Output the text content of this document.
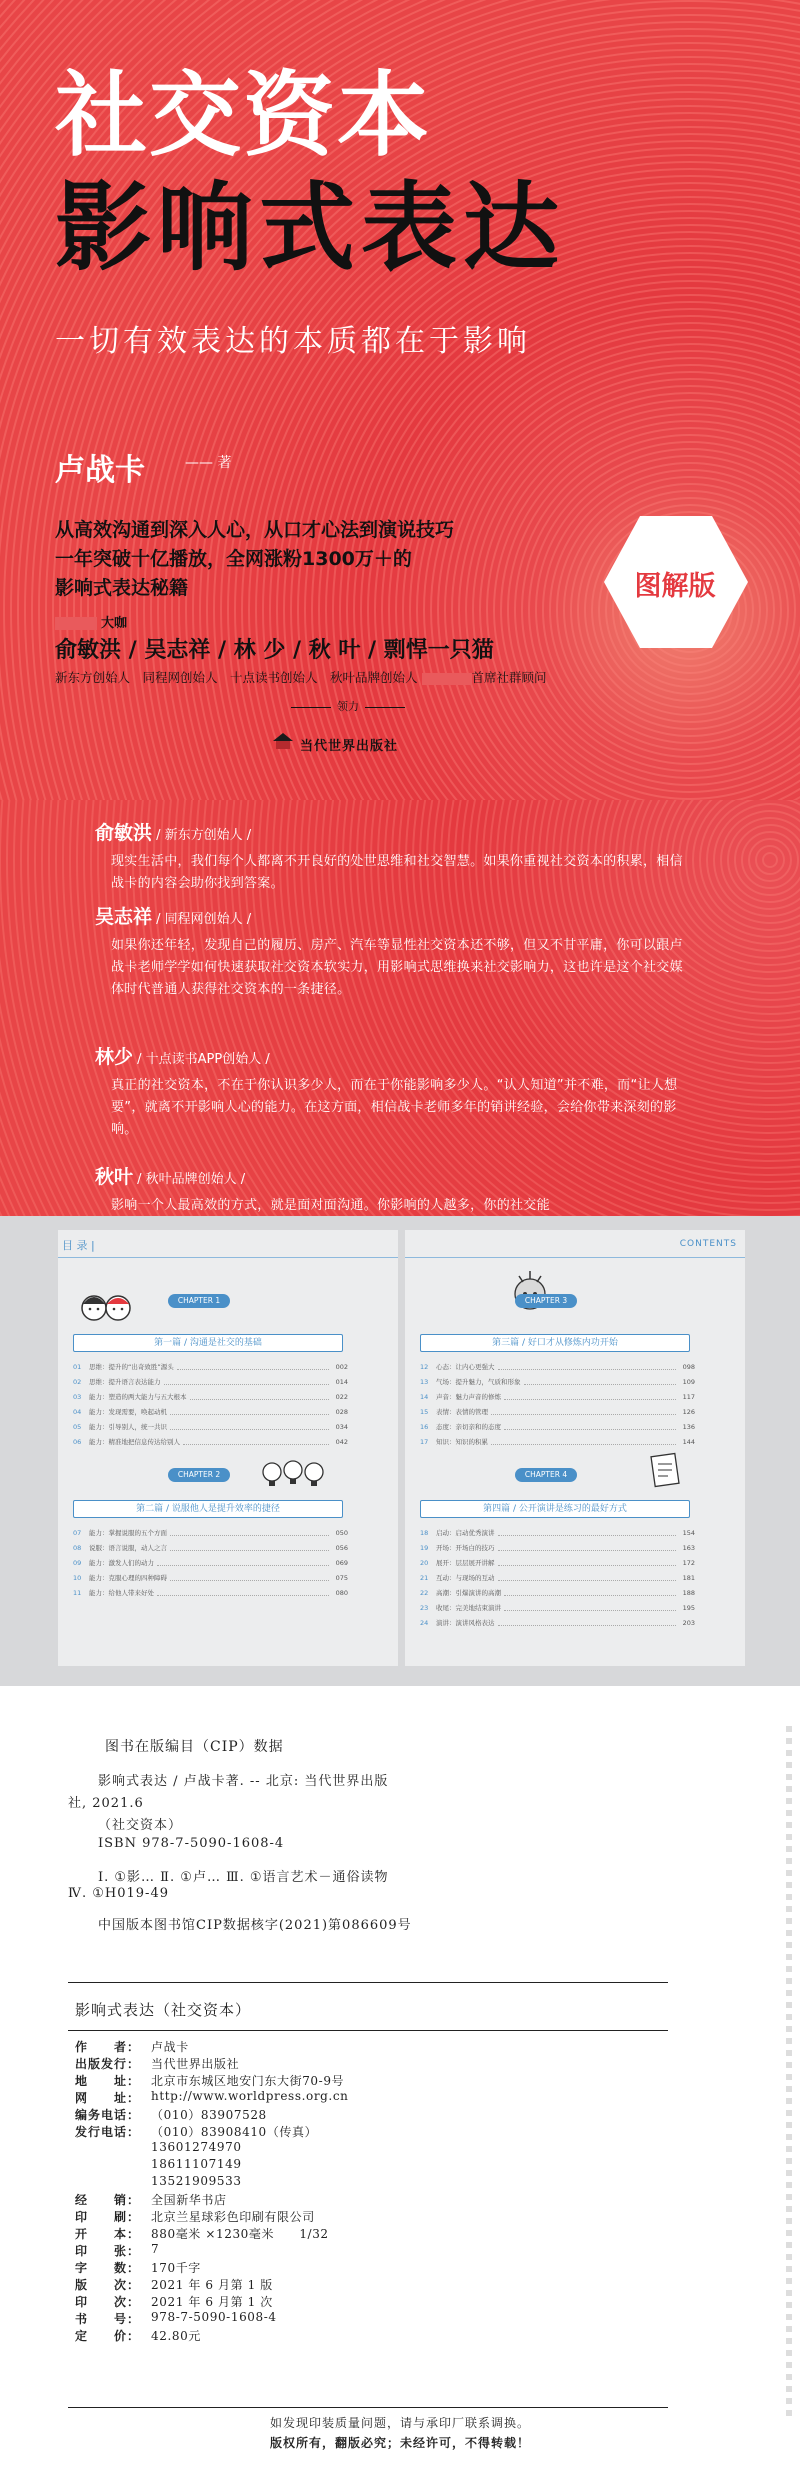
社交资本
影响式表达
一切有效表达的本质都在于影响
卢战卡	—— 著
从高效沟通到深入人心，从口才心法到演说技巧
一年突破十亿播放，全网涨粉1300万＋的
影响式表达秘籍	图解版
大咖
俞敏洪 / 吴志祥 / 林 少 / 秋 叶 / 剽悍一只猫
新东方创始人　同程网创始人　十点读书创始人　秋叶品牌创始人	首席社群顾问
领力
当代世界出版社
俞敏洪 / 新东方创始人 /
现实生活中，我们每个人都离不开良好的处世思维和社交智慧。如果你重视社交资本的积累，相信战卡的内容会助你找到答案。
吴志祥 / 同程网创始人 /
如果你还年轻，发现自己的履历、房产、汽车等显性社交资本还不够，但又不甘平庸，你可以跟卢战卡老师学学如何快速获取社交资本软实力，用影响式思维换来社交影响力，这也许是这个社交媒体时代普通人获得社交资本的一条捷径。
林少 / 十点读书APP创始人 /
真正的社交资本，不在于你认识多少人，而在于你能影响多少人。“认人知道”并不难，而“让人想要”，就离不开影响人心的能力。在这方面，相信战卡老师多年的销讲经验，会给你带来深刻的影响。
秋叶 / 秋叶品牌创始人 /
影响一个人最高效的方式，就是面对面沟通。你影响的人越多，你的社交能
目 录 |
CHAPTER 1
第一篇 / 沟通是社交的基础
01	思维：提升的“出奇致胜”源头	002
02	思维：提升语言表达能力	014
03	能力：塑造的两大能力与五大根本	022
04	能力：发现需要，唤起动机	028
05	能力：引导别人，统一共识	034
06	能力：精准地把信息传达给别人	042
CHAPTER 2
第二篇 / 说服他人是提升效率的捷径
07	能力：掌握说服的五个方面	050
08	说服：语言说服，动人之言	056
09	能力：激发人们的动力	069
10	能力：克服心理的四种障碍	075
11	能力：给他人带来好处	080
CONTENTS
CHAPTER 3
第三篇 / 好口才从修炼内功开始
12	心态：让内心更强大	098
13	气场：提升魅力，气质和形象	109
14	声音：魅力声音的修炼	117
15	表情：表情的管理	126
16	态度：亲切亲和的态度	136
17	知识：知识的积累	144
CHAPTER 4
第四篇 / 公开演讲是练习的最好方式
18	启动：启动优秀演讲	154
19	开场：开场白的技巧	163
20	展开：层层展开讲解	172
21	互动：与现场的互动	181
22	高潮：引爆演讲的高潮	188
23	收尾：完美地结束演讲	195
24	演讲：演讲风格表达	203
图书在版编目（CIP）数据
影响式表达 / 卢战卡著. -- 北京: 当代世界出版
社, 2021.6
（社交资本）
ISBN 978-7-5090-1608-4
Ⅰ. ①影… Ⅱ. ①卢… Ⅲ. ①语言艺术－通俗读物
Ⅳ. ①H019-49
中国版本图书馆CIP数据核字(2021)第086609号
影响式表达（社交资本）
作　　者： 卢战卡
出版发行： 当代世界出版社
地　　址： 北京市东城区地安门东大街70-9号
网　　址： http://www.worldpress.org.cn
编务电话： （010）83907528
发行电话： （010）83908410（传真）
13601274970
18611107149
13521909533
经　　销： 全国新华书店
印　　刷： 北京兰星球彩色印刷有限公司
开　　本： 880毫米 ×1230毫米　　1/32
印　　张： 7
字　　数： 170千字
版　　次： 2021 年 6 月第 1 版
印　　次： 2021 年 6 月第 1 次
书　　号： 978-7-5090-1608-4
定　　价： 42.80元
如发现印装质量问题，请与承印厂联系调换。
版权所有，翻版必究；未经许可，不得转载！
